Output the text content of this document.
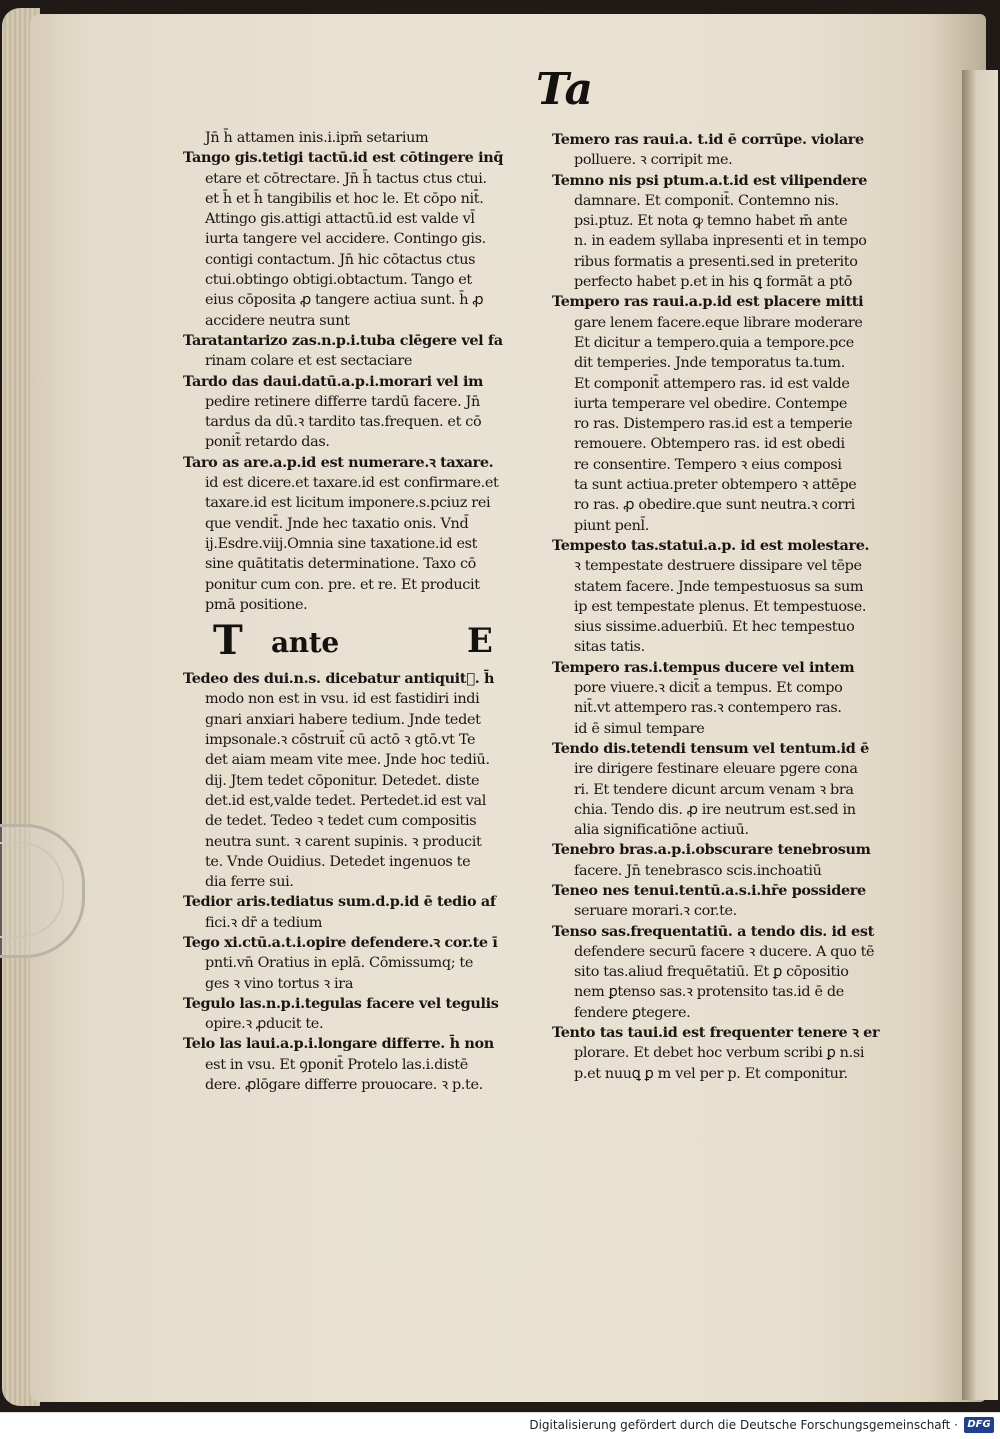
Ta
Jn̄ h̄ attamen inis.i.ipm̄ setarium
Tango gis.tetigi tactū.id est cōtingere inq̄
etare et cōtrectare. Jn̄ h̄ tactus ctus ctui.
et h̄ et h̄ tangibilis et hoc le. Et cōpo nit̄.
Attingo gis.attigi attactū.id est valde vl̄
iurta tangere vel accidere. Contingo gis.
contigi contactum. Jn̄ hic cōtactus ctus
ctui.obtingo obtigi.obtactum. Tango et
eius cōposita ꝓ tangere actiua sunt. h̄ ꝓ
accidere neutra sunt
Taratantarizo zas.n.p.i.tuba clēgere vel fa
rinam colare et est sectaciare
Tardo das daui.datū.a.p.i.morari vel im
pedire retinere differre tardū facere. Jn̄
tardus da dū.ꝛ tardito tas.frequen. et cō
ponit̄ retardo das.
Taro as are.a.p.id est numerare.ꝛ taxare.
id est dicere.et taxare.id est confirmare.et
taxare.id est licitum imponere.s.pciuz rei
que vendit̄. Jnde hec taxatio onis. Vnd̄
ij.Esdre.viij.Omnia sine taxatione.id est
sine quātitatis determinatione. Taxo cō
ponitur cum con. pre. et re. Et producit
pmā positione.
T ante	E
Tedeo des dui.n.s. dicebatur antiquit᷑. h̄
modo non est in vsu. id est fastidiri indi
gnari anxiari habere tedium. Jnde tedet
impsonale.ꝛ cōstruit̄ cū actō ꝛ gtō.vt Te
det aiam meam vite mee. Jnde hoc tediū.
dij. Jtem tedet cōponitur. Detedet. diste
det.id est,valde tedet. Pertedet.id est val
de tedet. Tedeo ꝛ tedet cum compositis
neutra sunt. ꝛ carent supinis. ꝛ producit
te. Vnde Ouidius. Detedet ingenuos te
dia ferre sui.
Tedior aris.tediatus sum.d.p.id ē tedio af
fici.ꝛ dr̄ a tedium
Tego xi.ctū.a.t.i.opire defendere.ꝛ cor.te ī
pnti.vn̄ Oratius in eplā. Cōmissumq; te
ges ꝛ vino tortus ꝛ ira
Tegulo las.n.p.i.tegulas facere vel tegulis
opire.ꝛ ꝓducit te.
Telo las laui.a.p.i.longare differre. h̄ non
est in vsu. Et ꝯponit̄ Protelo las.i.distē
dere. ꝓlōgare differre prouocare. ꝛ p.te.
Temero ras raui.a. t.id ē corrūpe. violare
polluere. ꝛ corripit me.
Temno nis psi ptum.a.t.id est vilipendere
damnare. Et componit̄. Contemno nis.
psi.ptuz. Et nota ꝙ temno habet m̄ ante
n. in eadem syllaba inpresenti et in tempo
ribus formatis a presenti.sed in preterito
perfecto habet p.et in his ꝗ formāt a ptō
Tempero ras raui.a.p.id est placere mitti
gare lenem facere.eque librare moderare
Et dicitur a tempero.quia a tempore.pce
dit temperies. Jnde temporatus ta.tum.
Et componit̄ attempero ras. id est valde
iurta temperare vel obedire. Contempe
ro ras. Distempero ras.id est a temperie
remouere. Obtempero ras. id est obedi
re consentire. Tempero ꝛ eius composi
ta sunt actiua.preter obtempero ꝛ attēpe
ro ras. ꝓ obedire.que sunt neutra.ꝛ corri
piunt penl̄.
Tempesto tas.statui.a.p. id est molestare.
ꝛ tempestate destruere dissipare vel tēpe
statem facere. Jnde tempestuosus sa sum
ip est tempestate plenus. Et tempestuose.
sius sissime.aduerbiū. Et hec tempestuo
sitas tatis.
Tempero ras.i.tempus ducere vel intem
pore viuere.ꝛ dicit̄ a tempus. Et compo
nit̄.vt attempero ras.ꝛ contempero ras.
id ē simul tempare
Tendo dis.tetendi tensum vel tentum.id ē
ire dirigere festinare eleuare pgere cona
ri. Et tendere dicunt arcum venam ꝛ bra
chia. Tendo dis. ꝓ ire neutrum est.sed in
alia significatiōne actiuū.
Tenebro bras.a.p.i.obscurare tenebrosum
facere. Jn̄ tenebrasco scis.inchoatiū
Teneo nes tenui.tentū.a.s.i.hr̄e possidere
seruare morari.ꝛ cor.te.
Tenso sas.frequentatiū. a tendo dis. id est
defendere securū facere ꝛ ducere. A quo tē
sito tas.aliud frequētatiū. Et ꝑ cōpositio
nem ꝑtenso sas.ꝛ protensito tas.id ē de
fendere ꝑtegere.
Tento tas taui.id est frequenter tenere ꝛ er
plorare. Et debet hoc verbum scribi ꝑ n.si
p.et nuuꝗ ꝑ m vel per p. Et componitur.
Digitalisierung gefördert durch die Deutsche Forschungsgemeinschaft · DFG
